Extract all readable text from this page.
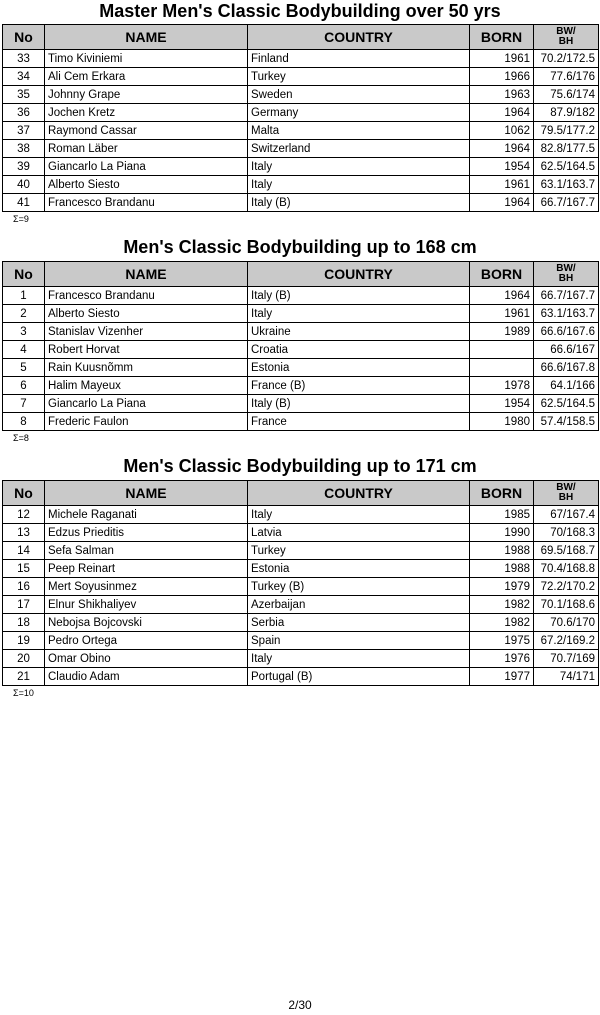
Master Men's Classic Bodybuilding over 50 yrs
No	NAME	COUNTRY	BORN	BW/
BH

33	Timo Kiviniemi	Finland	1961	70.2/172.5
34	Ali Cem Erkara	Turkey	1966	77.6/176
35	Johnny Grape	Sweden	1963	75.6/174
36	Jochen Kretz	Germany	1964	87.9/182
37	Raymond Cassar	Malta	1062	79.5/177.2
38	Roman Läber	Switzerland	1964	82.8/177.5
39	Giancarlo La Piana	Italy	1954	62.5/164.5
40	Alberto Siesto	Italy	1961	63.1/163.7
41	Francesco Brandanu	Italy (B)	1964	66.7/167.7
Σ=9
Men's Classic Bodybuilding up to 168 cm
No	NAME	COUNTRY	BORN	BW/
BH

1	Francesco Brandanu	Italy (B)	1964	66.7/167.7
2	Alberto Siesto	Italy	1961	63.1/163.7
3	Stanislav Vizenher	Ukraine	1989	66.6/167.6
4	Robert Horvat	Croatia		66.6/167
5	Rain Kuusnõmm	Estonia		66.6/167.8
6	Halim Mayeux	France (B)	1978	64.1/166
7	Giancarlo La Piana	Italy (B)	1954	62.5/164.5
8	Frederic Faulon	France	1980	57.4/158.5
Σ=8
Men's Classic Bodybuilding up to 171 cm
No	NAME	COUNTRY	BORN	BW/
BH

12	Michele Raganati	Italy	1985	67/167.4
13	Edzus Prieditis	Latvia	1990	70/168.3
14	Sefa Salman	Turkey	1988	69.5/168.7
15	Peep Reinart	Estonia	1988	70.4/168.8
16	Mert Soyusinmez	Turkey (B)	1979	72.2/170.2
17	Elnur Shikhaliyev	Azerbaijan	1982	70.1/168.6
18	Nebojsa Bojcovski	Serbia	1982	70.6/170
19	Pedro Ortega	Spain	1975	67.2/169.2
20	Omar Obino	Italy	1976	70.7/169
21	Claudio Adam	Portugal (B)	1977	74/171
Σ=10
2/30
